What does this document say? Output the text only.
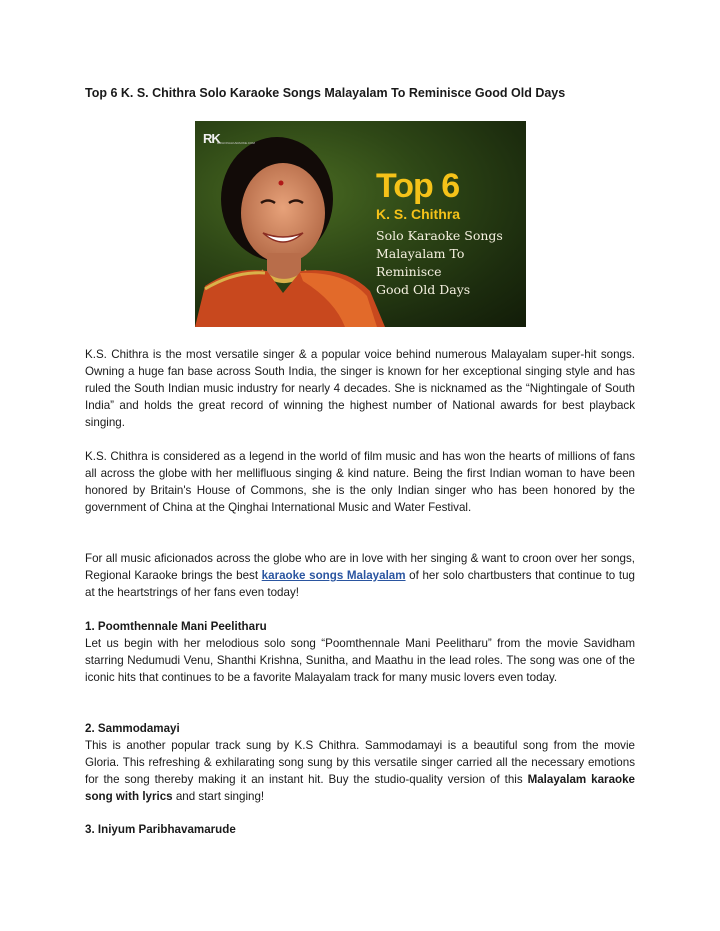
Top 6 K. S. Chithra Solo Karaoke Songs Malayalam To Reminisce Good Old Days
RK
REGIONALKARAOKE.COM
Top 6
K. S. Chithra
Solo Karaoke Songs
Malayalam To
Reminisce
Good Old Days

K.S. Chithra is the most versatile singer & a popular voice behind numerous Malayalam super-hit songs. Owning a huge fan base across South India, the singer is known for her exceptional singing style and has ruled the South Indian music industry for nearly 4 decades. She is nicknamed as the “Nightingale of South India” and holds the great record of winning the highest number of National awards for best playback singing.

K.S. Chithra is considered as a legend in the world of film music and has won the hearts of millions of fans all across the globe with her mellifluous singing & kind nature. Being the first Indian woman to have been honored by Britain's House of Commons, she is the only Indian singer who has been honored by the government of China at the Qinghai International Music and Water Festival.

For all music aficionados across the globe who are in love with her singing & want to croon over her songs, Regional Karaoke brings the best karaoke songs Malayalam of her solo chartbusters that continue to tug at the heartstrings of her fans even today!

1. Poomthennale Mani Peelitharu

Let us begin with her melodious solo song “Poomthennale Mani Peelitharu” from the movie Savidham starring Nedumudi Venu, Shanthi Krishna, Sunitha, and Maathu in the lead roles. The song was one of the iconic hits that continues to be a favorite Malayalam track for many music lovers even today.

2. Sammodamayi

This is another popular track sung by K.S Chithra. Sammodamayi is a beautiful song from the movie Gloria. This refreshing & exhilarating song sung by this versatile singer carried all the necessary emotions for the song thereby making it an instant hit. Buy the studio-quality version of this Malayalam karaoke song with lyrics and start singing!

3. Iniyum Paribhavamarude
